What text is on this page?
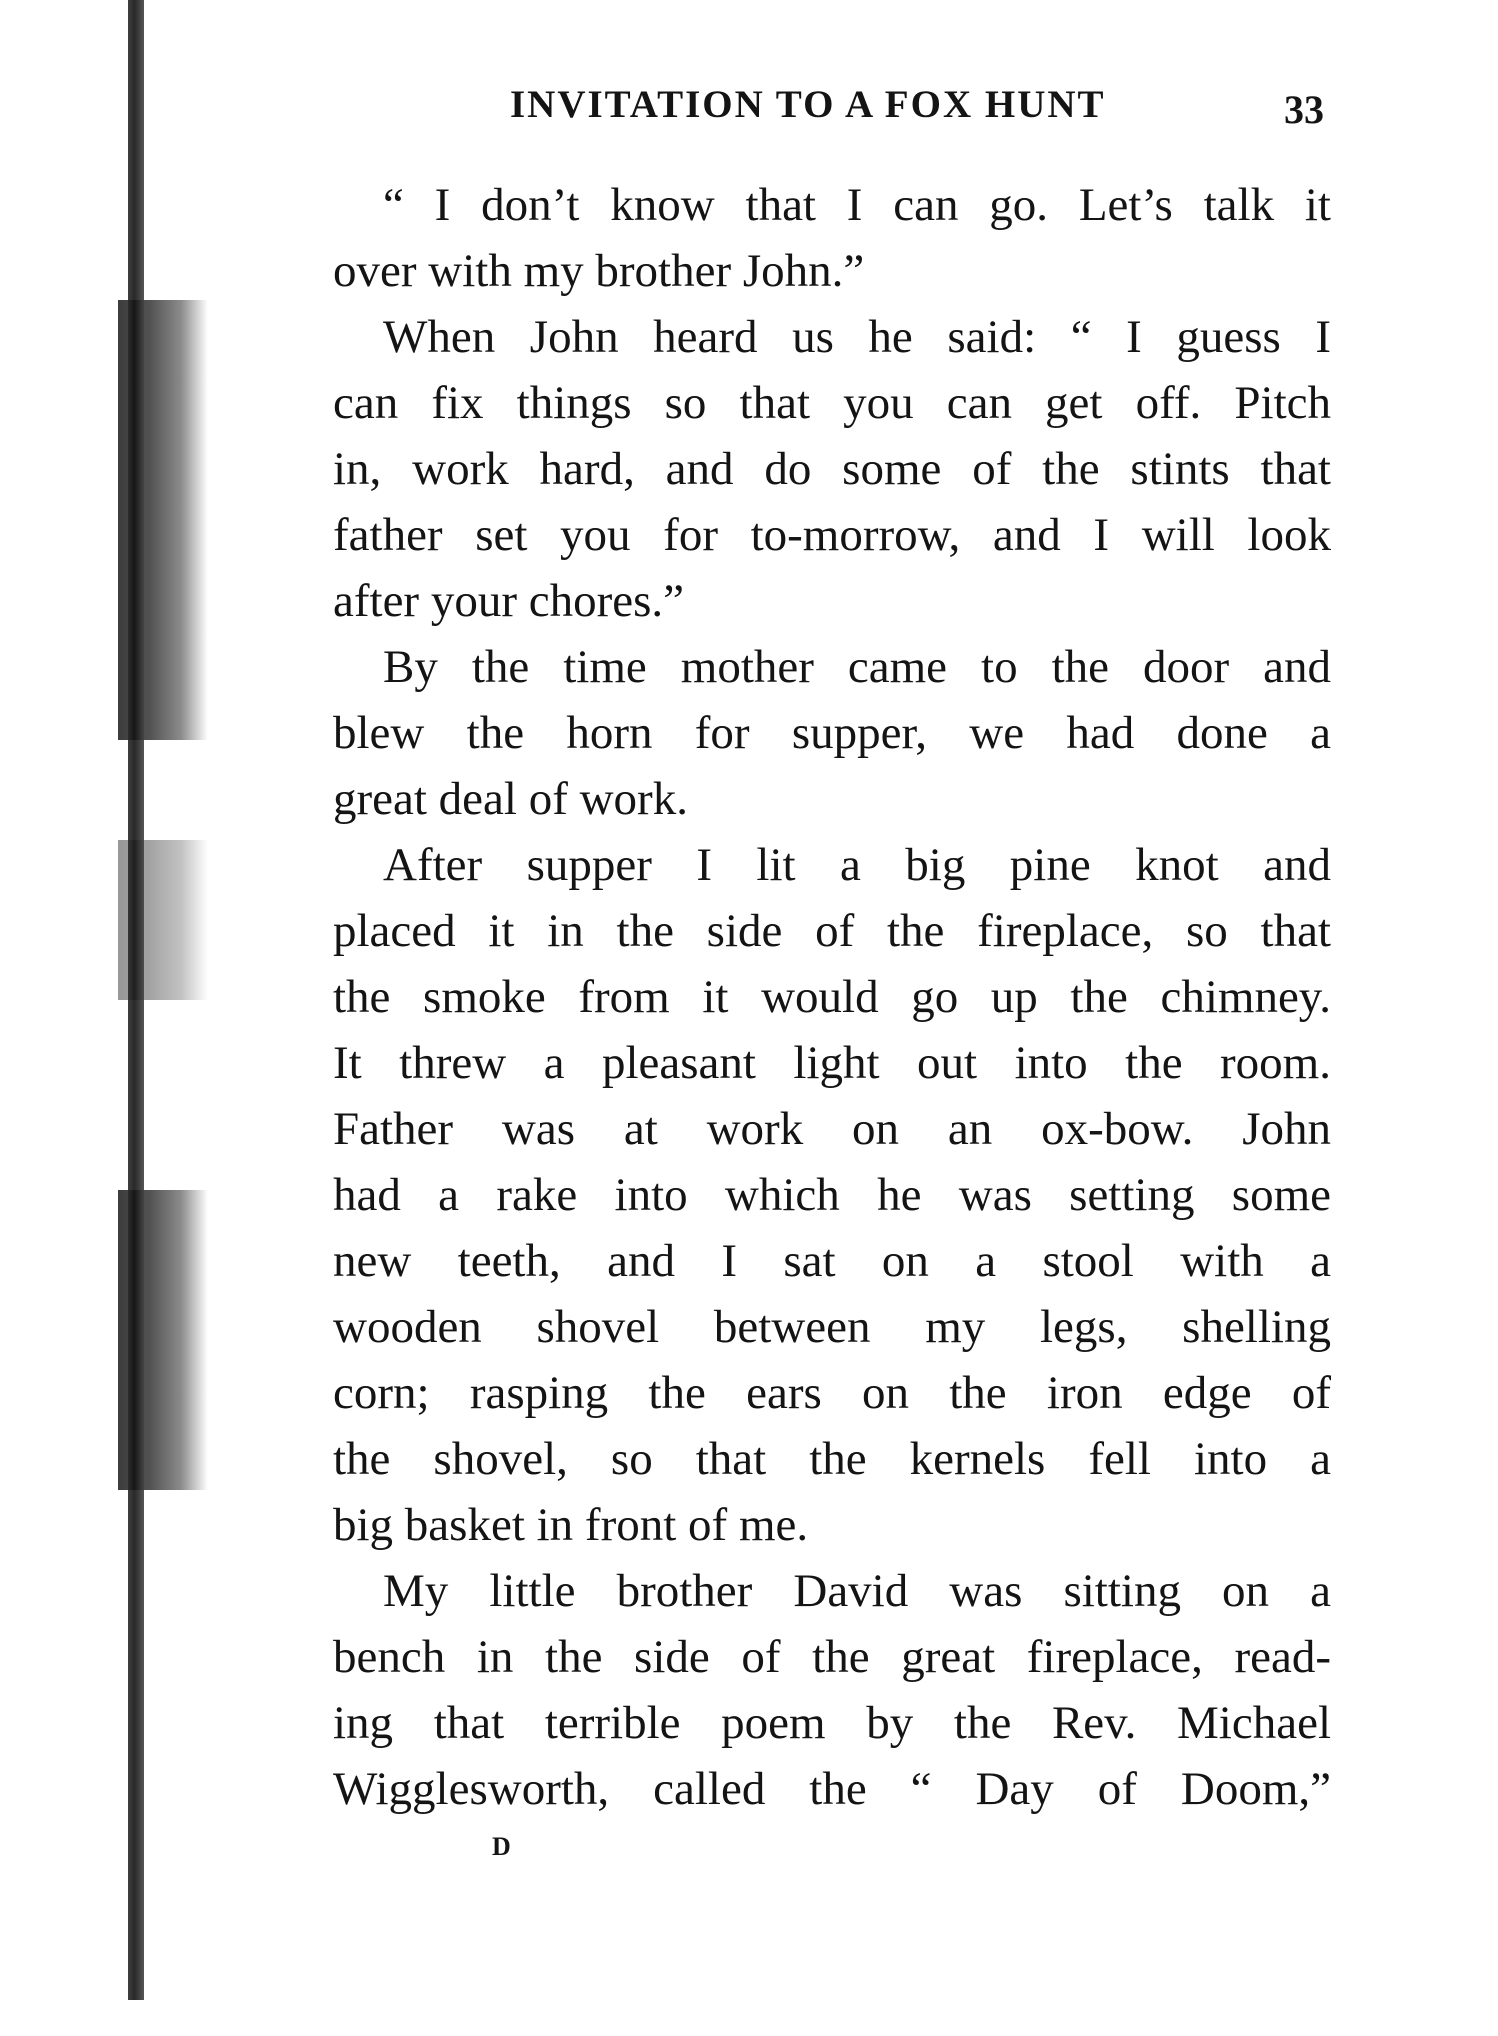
INVITATION TO A FOX HUNT	33
“ I don’t know that I can go. Let’s talk it
over with my brother John.”
When John heard us he said: “ I guess I
can fix things so that you can get off. Pitch
in, work hard, and do some of the stints that
father set you for to-morrow, and I will look
after your chores.”
By the time mother came to the door and
blew the horn for supper, we had done a
great deal of work.
After supper I lit a big pine knot and
placed it in the side of the fireplace, so that
the smoke from it would go up the chimney.
It threw a pleasant light out into the room.
Father was at work on an ox-bow. John
had a rake into which he was setting some
new teeth, and I sat on a stool with a
wooden shovel between my legs, shelling
corn; rasping the ears on the iron edge of
the shovel, so that the kernels fell into a
big basket in front of me.
My little brother David was sitting on a
bench in the side of the great fireplace, read-
ing that terrible poem by the Rev. Michael
Wigglesworth, called the “ Day of Doom,”
D
